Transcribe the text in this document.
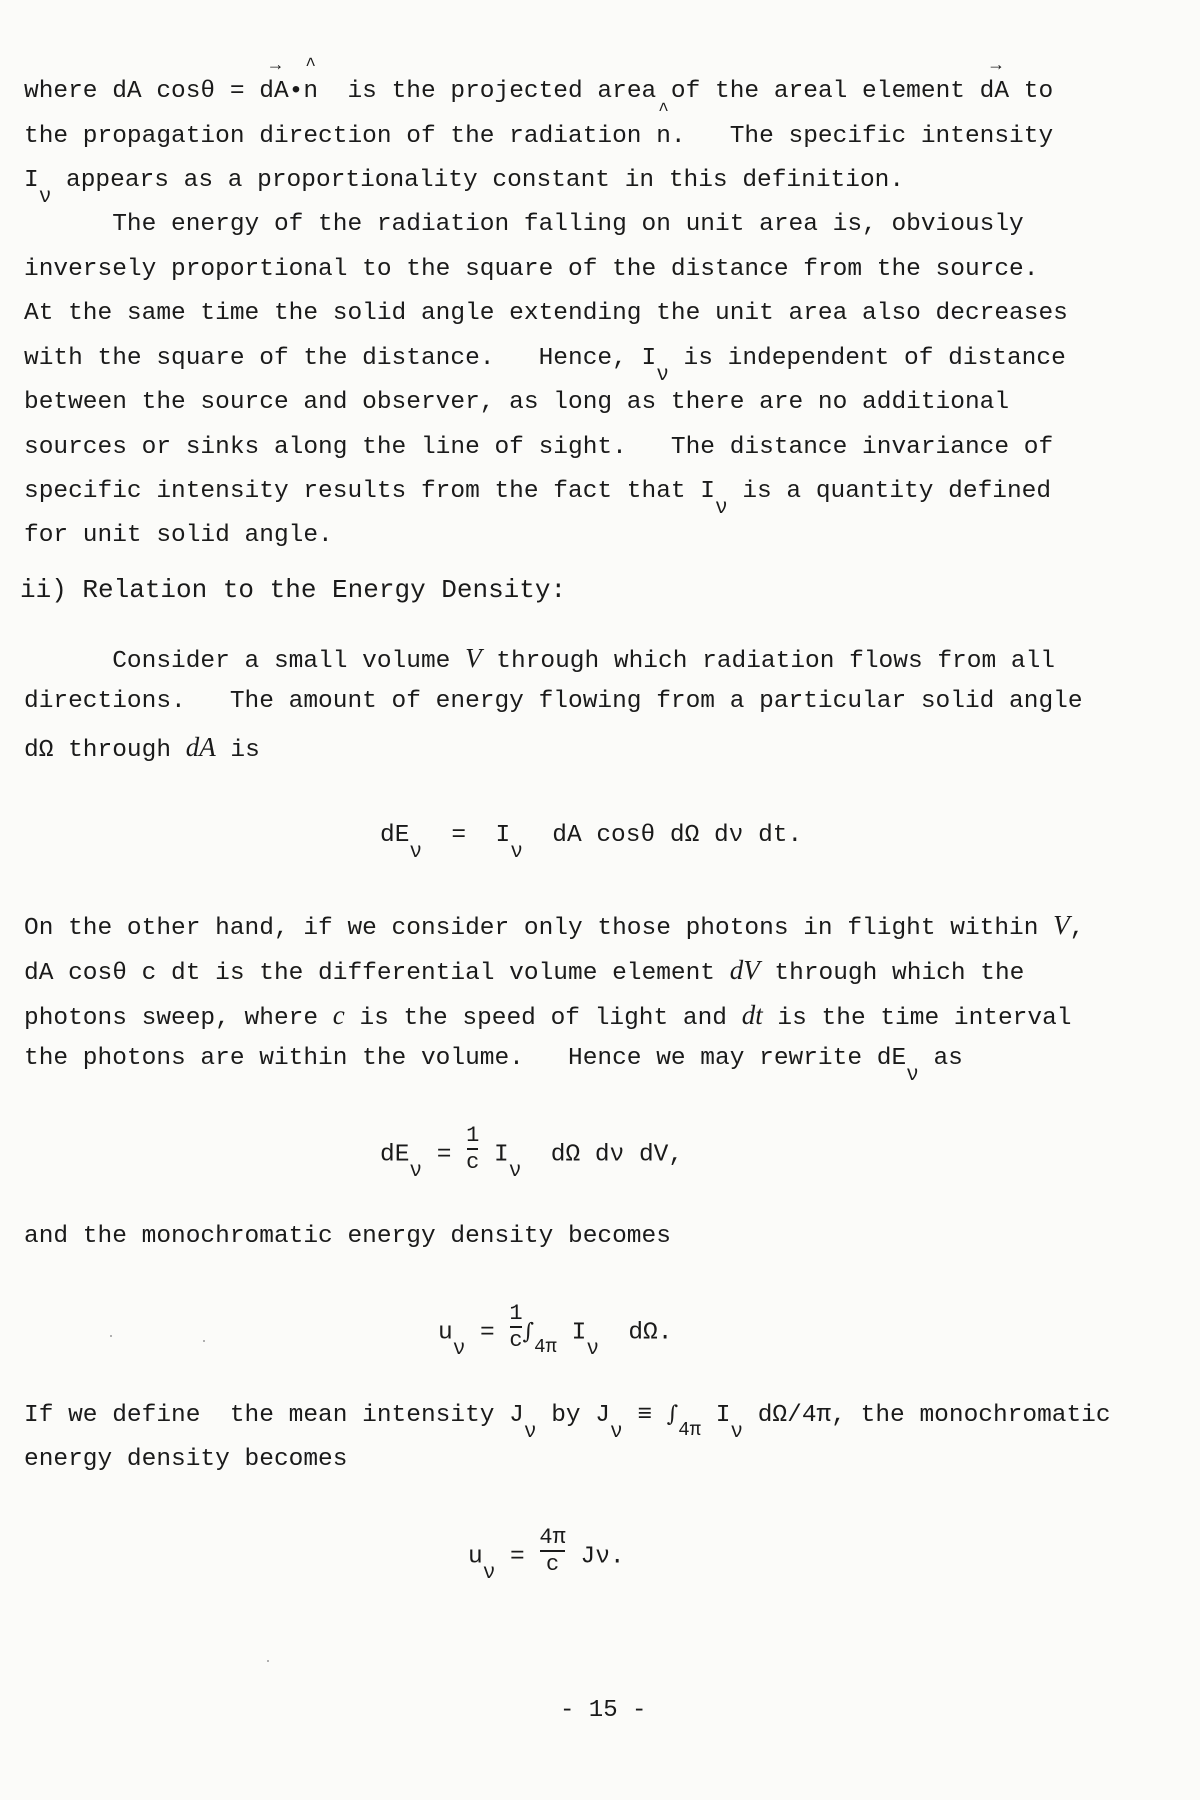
where dA cosθ = → dA•^ n  is the projected area of the areal element → dA to
the propagation direction of the radiation ^ n.   The specific intensity
Iν appears as a proportionality constant in this definition.
The energy of the radiation falling on unit area is, obviously
inversely proportional to the square of the distance from the source.
At the same time the solid angle extending the unit area also decreases
with the square of the distance.   Hence, Iν is independent of distance
between the source and observer, as long as there are no additional
sources or sinks along the line of sight.   The distance invariance of
specific intensity results from the fact that Iν is a quantity defined
for unit solid angle.
ii) Relation to the Energy Density:
Consider a small volume V through which radiation flows from all
directions.   The amount of energy flowing from a particular solid angle
dΩ through dA is
dEν  =  Iν  dA cosθ dΩ dν dt.
On the other hand, if we consider only those photons in flight within V,
dA cosθ c dt is the differential volume element dV through which the
photons sweep, where c is the speed of light and dt is the time interval
the photons are within the volume.   Hence we may rewrite dEν as
$dE\nu = \frac{1}{c}$ Iν  dΩ dν dV,
and the monochromatic energy density becomes
$u\nu = \frac{1}{c} \int_{4\pi}$ Iν  dΩ.
If we define  the mean intensity Jν by $J\nu \equiv \int_{4\pi}$ Iν dΩ/4π, the monochromatic
energy density becomes
$u\nu = \frac{4\pi}{c} J\nu$.
- 15 -
